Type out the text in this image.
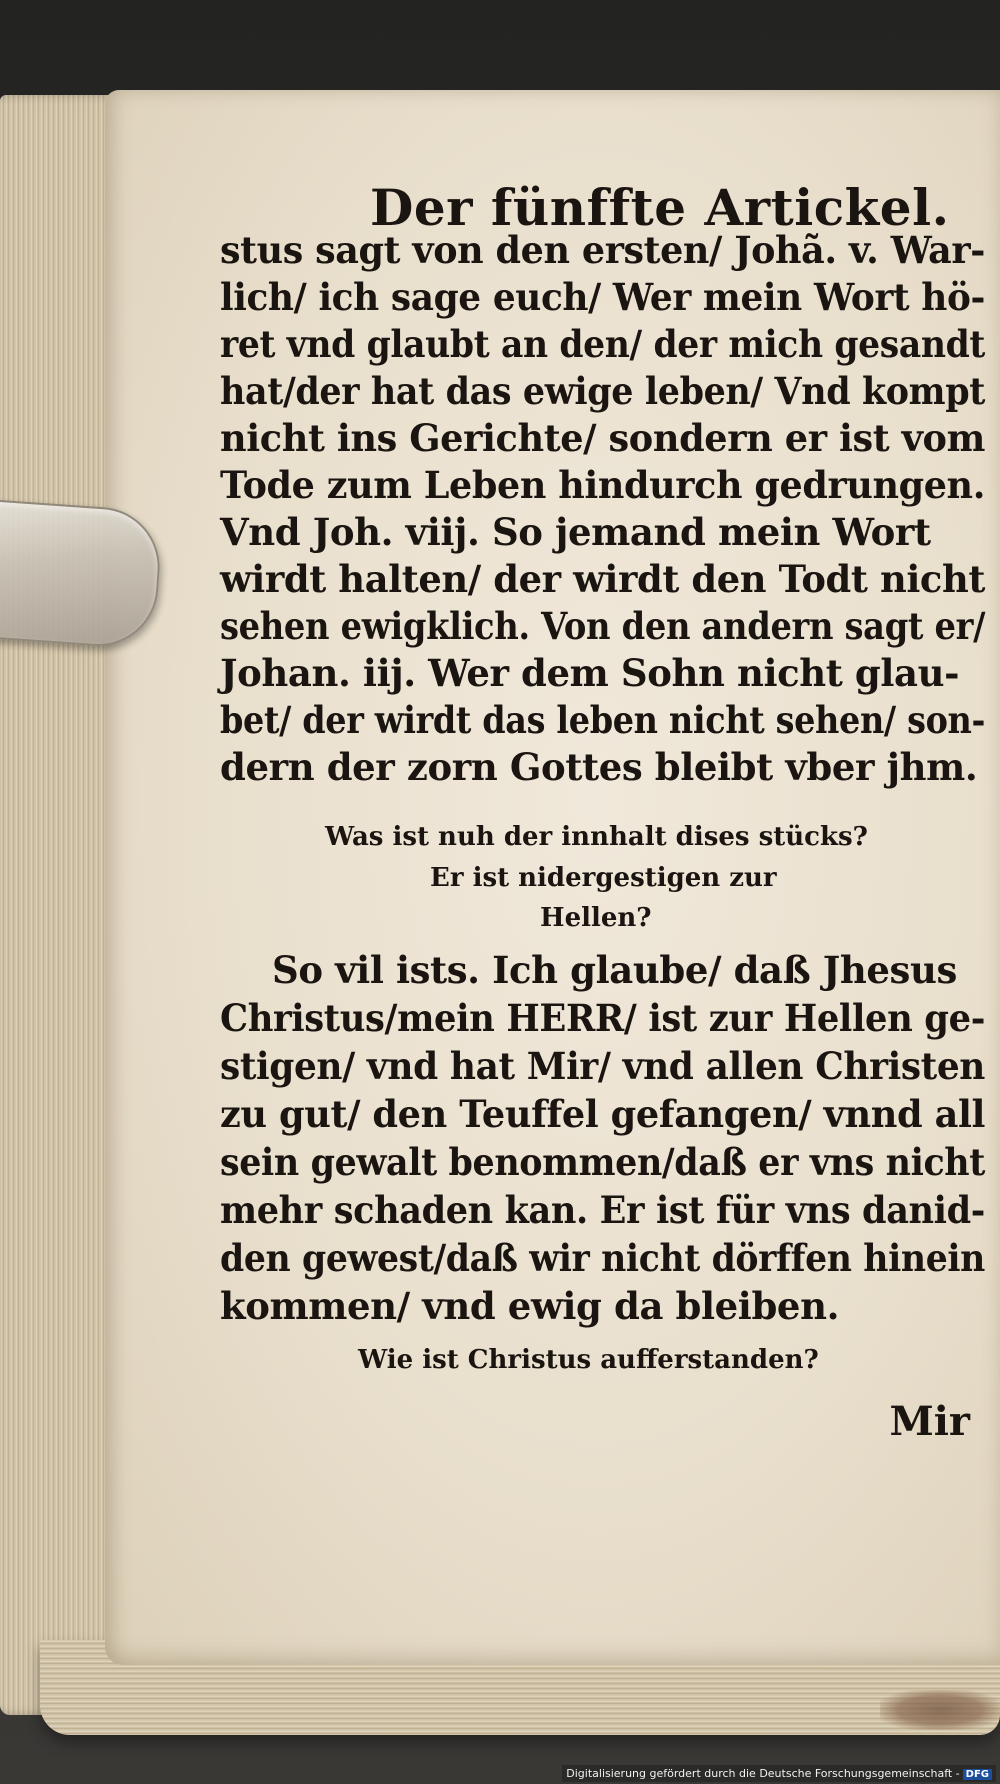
Der fünffte Artickel.
stus sagt von den ersten/ Johã. v. War-
lich/ ich sage euch/ Wer mein Wort hö-
ret vnd glaubt an den/ der mich gesandt
hat/der hat das ewige leben/ Vnd kompt
nicht ins Gerichte/ sondern er ist vom
Tode zum Leben hindurch gedrungen.
Vnd Joh. viij. So jemand mein Wort
wirdt halten/ der wirdt den Todt nicht
sehen ewigklich. Von den andern sagt er/
Johan. iij. Wer dem Sohn nicht glau-
bet/ der wirdt das leben nicht sehen/ son-
dern der zorn Gottes bleibt vber jhm.
Was ist nuh der innhalt dises stücks?
Er ist nidergestigen zur
Hellen?
So vil ists. Ich glaube/ daß Jhesus
Christus/mein HERR/ ist zur Hellen ge-
stigen/ vnd hat Mir/ vnd allen Christen
zu gut/ den Teuffel gefangen/ vnnd all
sein gewalt benommen/daß er vns nicht
mehr schaden kan. Er ist für vns danid-
den gewest/daß wir nicht dörffen hinein
kommen/ vnd ewig da bleiben.
Wie ist Christus aufferstanden?
Mir
Digitalisierung gefördert durch die Deutsche Forschungsgemeinschaft - DFG
